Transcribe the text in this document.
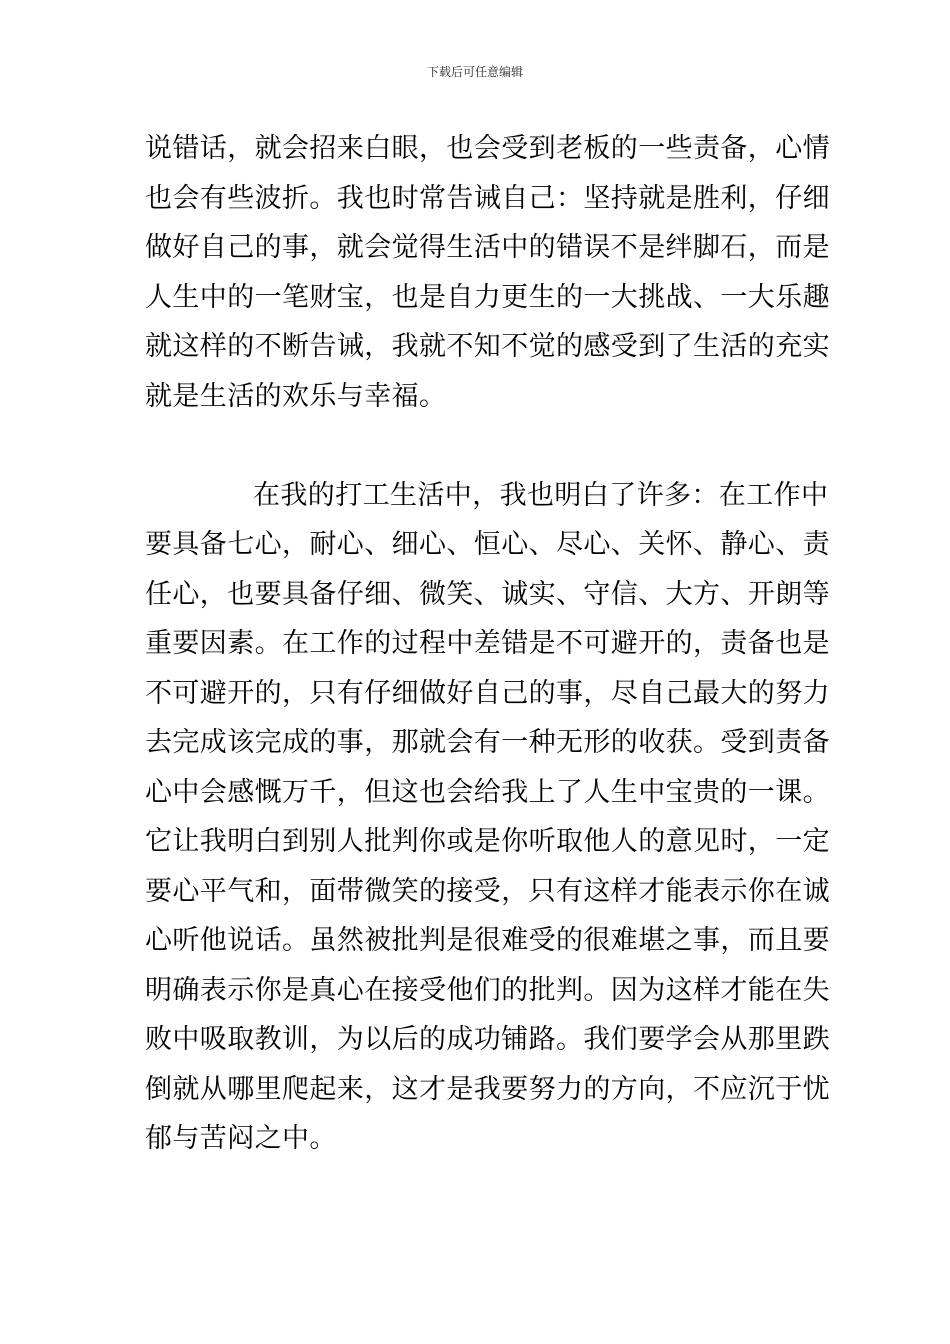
下载后可任意编辑
说错话，就会招来白眼，也会受到老板的一些责备，心情
也会有些波折。我也时常告诫自己：坚持就是胜利，仔细
做好自己的事，就会觉得生活中的错误不是绊脚石，而是
人生中的一笔财宝，也是自力更生的一大挑战、一大乐趣
就这样的不断告诫，我就不知不觉的感受到了生活的充实
就是生活的欢乐与幸福。
在我的打工生活中，我也明白了许多：在工作中
要具备七心，耐心、细心、恒心、尽心、关怀、静心、责
任心，也要具备仔细、微笑、诚实、守信、大方、开朗等
重要因素。在工作的过程中差错是不可避开的，责备也是
不可避开的，只有仔细做好自己的事，尽自己最大的努力
去完成该完成的事，那就会有一种无形的收获。受到责备
心中会感慨万千，但这也会给我上了人生中宝贵的一课。
它让我明白到别人批判你或是你听取他人的意见时，一定
要心平气和，面带微笑的接受，只有这样才能表示你在诚
心听他说话。虽然被批判是很难受的很难堪之事，而且要
明确表示你是真心在接受他们的批判。因为这样才能在失
败中吸取教训，为以后的成功铺路。我们要学会从那里跌
倒就从哪里爬起来，这才是我要努力的方向，不应沉于忧
郁与苦闷之中。
